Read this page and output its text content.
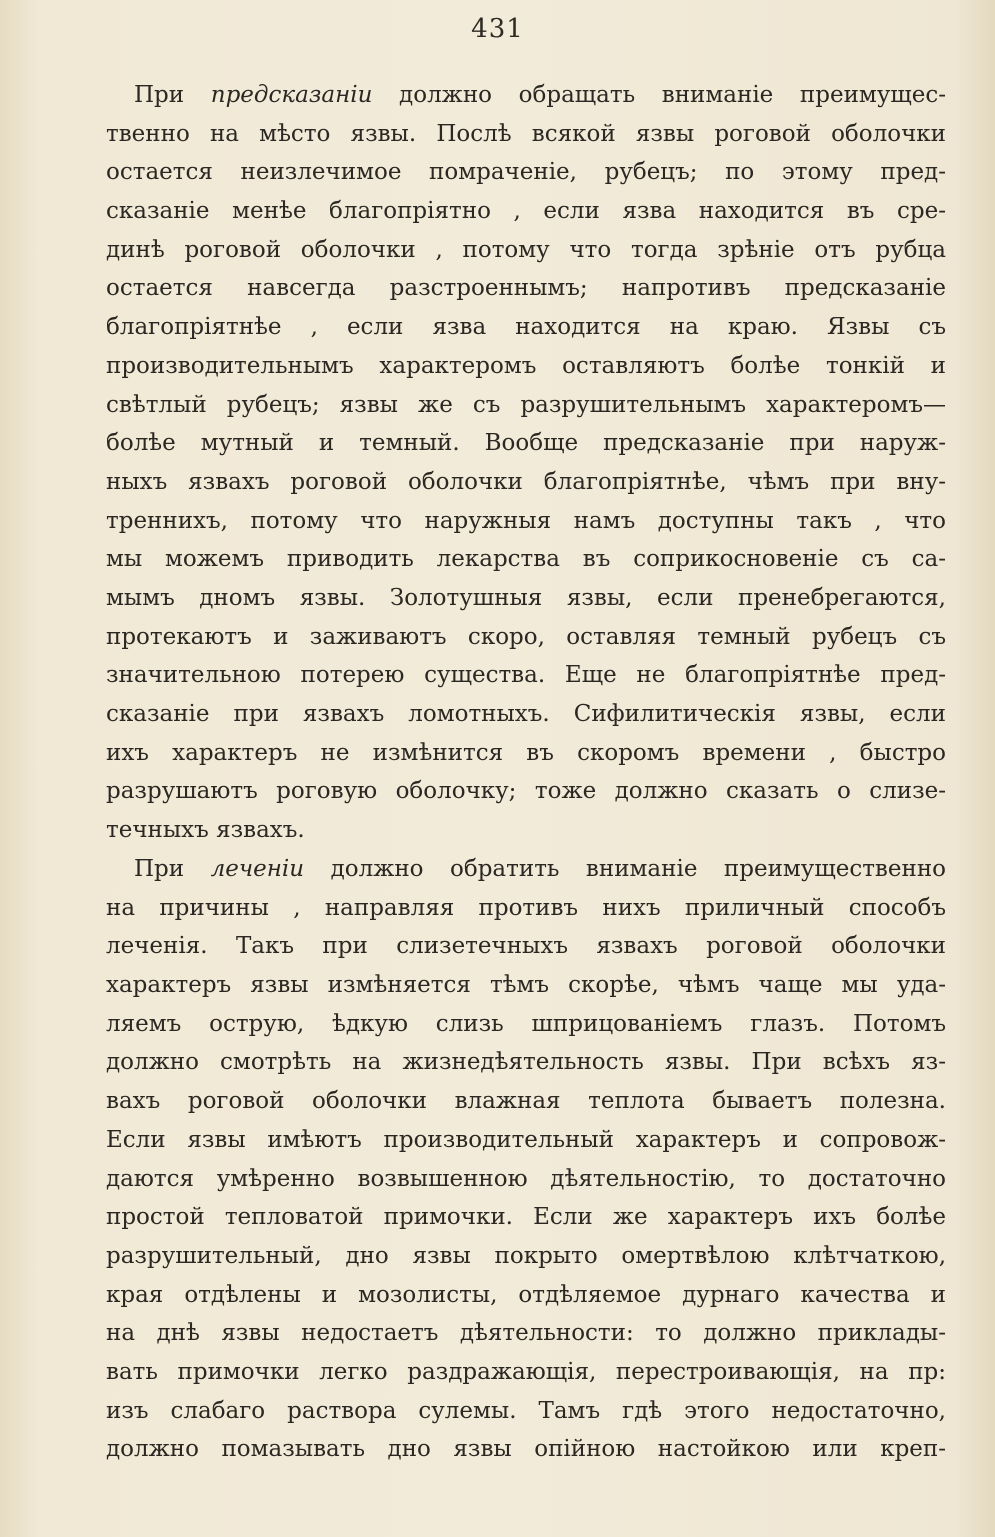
431
При предсказаніи должно обращать вниманіе преимущес-
твенно на мѣсто язвы. Послѣ всякой язвы роговой оболочки
остается неизлечимое помраченіе, рубецъ; по этому пред-
сказаніе менѣе благопріятно , если язва находится въ сре-
динѣ роговой оболочки , потому что тогда зрѣніе отъ рубца
остается навсегда разстроеннымъ; напротивъ предсказаніе
благопріятнѣе , если язва находится на краю. Язвы съ
производительнымъ характеромъ оставляютъ болѣе тонкій и
свѣтлый рубецъ; язвы же съ разрушительнымъ характеромъ—
болѣе мутный и темный. Вообще предсказаніе при наруж-
ныхъ язвахъ роговой оболочки благопріятнѣе, чѣмъ при вну-
треннихъ, потому что наружныя намъ доступны такъ , что
мы можемъ приводить лекарства въ соприкосновеніе съ са-
мымъ дномъ язвы. Золотушныя язвы, если пренебрегаются,
протекаютъ и заживаютъ скоро, оставляя темный рубецъ съ
значительною потерею существа. Еще не благопріятнѣе пред-
сказаніе при язвахъ ломотныхъ. Сифилитическія язвы, если
ихъ характеръ не измѣнится въ скоромъ времени , быстро
разрушаютъ роговую оболочку; тоже должно сказать о слизе-
течныхъ язвахъ.
При леченіи должно обратить вниманіе преимущественно
на причины , направляя противъ нихъ приличный способъ
леченія. Такъ при слизетечныхъ язвахъ роговой оболочки
характеръ язвы измѣняется тѣмъ скорѣе, чѣмъ чаще мы уда-
ляемъ острую, ѣдкую слизь шприцованіемъ глазъ. Потомъ
должно смотрѣть на жизнедѣятельность язвы. При всѣхъ яз-
вахъ роговой оболочки влажная теплота бываетъ полезна.
Если язвы имѣютъ производительный характеръ и сопровож-
даются умѣренно возвышенною дѣятельностію, то достаточно
простой тепловатой примочки. Если же характеръ ихъ болѣе
разрушительный, дно язвы покрыто омертвѣлою клѣтчаткою,
края отдѣлены и мозолисты, отдѣляемое дурнаго качества и
на днѣ язвы недостаетъ дѣятельности: то должно приклады-
вать примочки легко раздражающія, перестроивающія, на пр:
изъ слабаго раствора сулемы. Тамъ гдѣ этого недостаточно,
должно помазывать дно язвы опійною настойкою или креп-
